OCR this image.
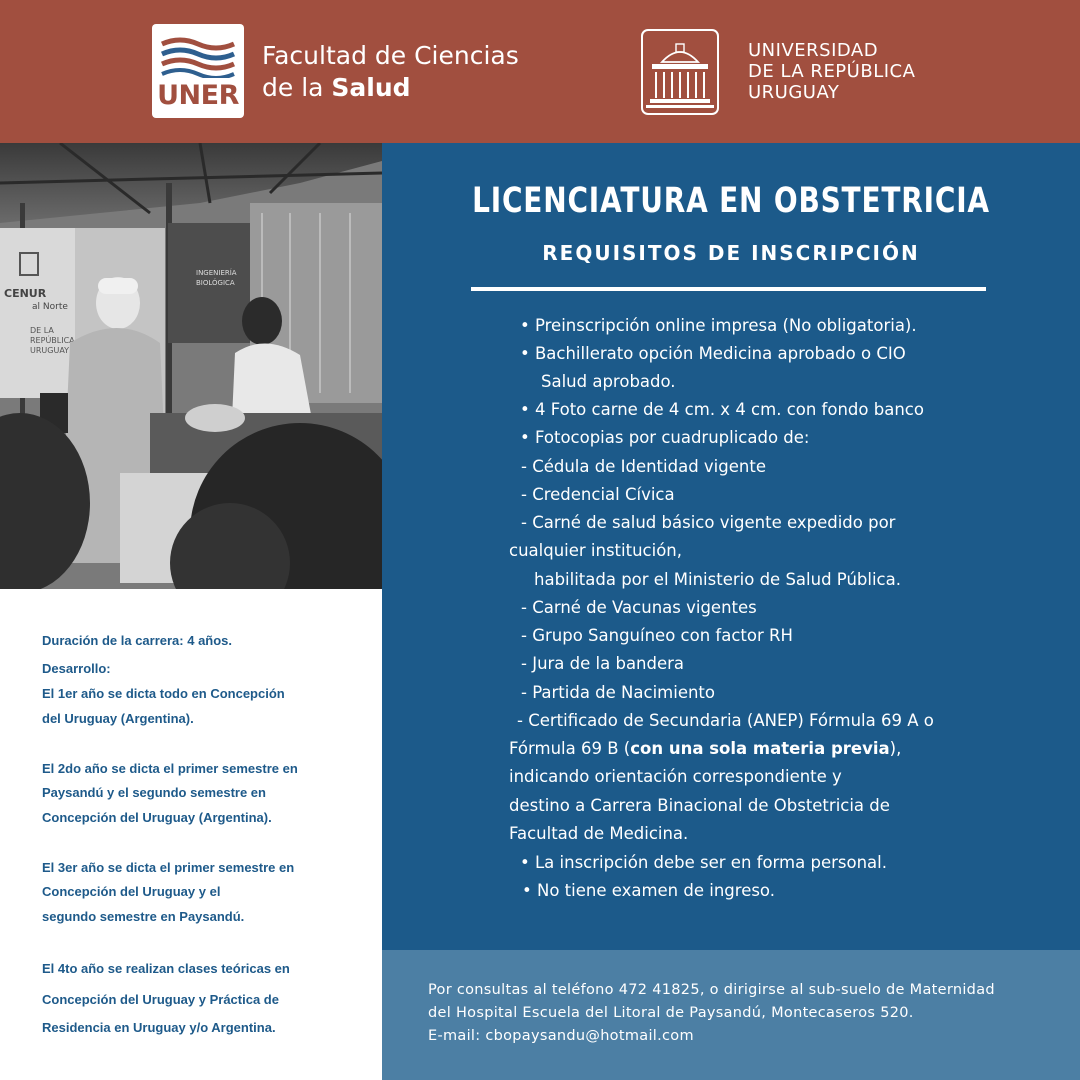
UNER
Facultad de Ciencias
de la Salud
UNIVERSIDAD
DE LA REPÚBLICA
URUGUAY
CENUR
al Norte
DE LA
REPÚBLICA
URUGUAY
INGENIERÍA
BIOLÓGICA
Duración de la carrera: 4 años.
Desarrollo:
El 1er año se dicta todo en Concepción
del Uruguay (Argentina).
El 2do año se dicta el primer semestre en
Paysandú y el segundo semestre en
Concepción del Uruguay (Argentina).
El 3er año se dicta el primer semestre en
Concepción del Uruguay y el
segundo semestre en Paysandú.
El 4to año se realizan clases teóricas en
Concepción del Uruguay y Práctica de
Residencia en Uruguay y/o Argentina.
LICENCIATURA EN OBSTETRICIA
REQUISITOS DE INSCRIPCIÓN
• Preinscripción online impresa (No obligatoria).
• Bachillerato opción Medicina aprobado o CIO
Salud aprobado.
• 4 Foto carne de 4 cm. x 4 cm. con fondo banco
• Fotocopias por cuadruplicado de:
- Cédula de Identidad vigente
- Credencial Cívica
- Carné de salud básico vigente expedido por
cualquier institución,
habilitada por el Ministerio de Salud Pública.
- Carné de Vacunas vigentes
- Grupo Sanguíneo con factor RH
- Jura de la bandera
- Partida de Nacimiento
- Certificado de Secundaria (ANEP) Fórmula 69 A o
Fórmula 69 B (con una sola materia previa),
indicando orientación correspondiente y
destino a Carrera Binacional de Obstetricia de
Facultad de Medicina.
• La inscripción debe ser en forma personal.
• No tiene examen de ingreso.
Por consultas al teléfono 472 41825, o dirigirse al sub-suelo de Maternidad
del Hospital Escuela del Litoral de Paysandú, Montecaseros 520.
E-mail: cbopaysandu@hotmail.com
